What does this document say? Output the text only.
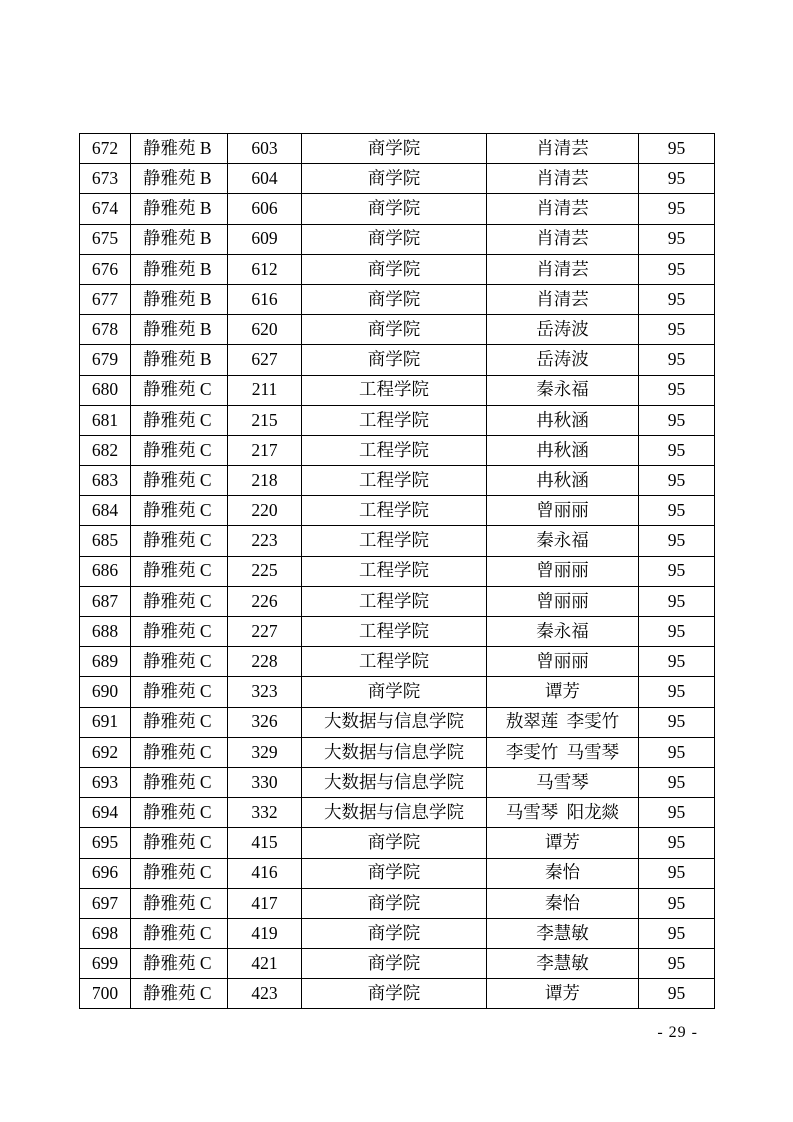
672	静雅苑 B	603	商学院	肖清芸	95
673	静雅苑 B	604	商学院	肖清芸	95
674	静雅苑 B	606	商学院	肖清芸	95
675	静雅苑 B	609	商学院	肖清芸	95
676	静雅苑 B	612	商学院	肖清芸	95
677	静雅苑 B	616	商学院	肖清芸	95
678	静雅苑 B	620	商学院	岳涛波	95
679	静雅苑 B	627	商学院	岳涛波	95
680	静雅苑 C	211	工程学院	秦永福	95
681	静雅苑 C	215	工程学院	冉秋涵	95
682	静雅苑 C	217	工程学院	冉秋涵	95
683	静雅苑 C	218	工程学院	冉秋涵	95
684	静雅苑 C	220	工程学院	曾丽丽	95
685	静雅苑 C	223	工程学院	秦永福	95
686	静雅苑 C	225	工程学院	曾丽丽	95
687	静雅苑 C	226	工程学院	曾丽丽	95
688	静雅苑 C	227	工程学院	秦永福	95
689	静雅苑 C	228	工程学院	曾丽丽	95
690	静雅苑 C	323	商学院	谭芳	95
691	静雅苑 C	326	大数据与信息学院	敖翠莲 李雯竹	95
692	静雅苑 C	329	大数据与信息学院	李雯竹 马雪琴	95
693	静雅苑 C	330	大数据与信息学院	马雪琴	95
694	静雅苑 C	332	大数据与信息学院	马雪琴 阳龙燚	95
695	静雅苑 C	415	商学院	谭芳	95
696	静雅苑 C	416	商学院	秦怡	95
697	静雅苑 C	417	商学院	秦怡	95
698	静雅苑 C	419	商学院	李慧敏	95
699	静雅苑 C	421	商学院	李慧敏	95
700	静雅苑 C	423	商学院	谭芳	95
- 29 -
